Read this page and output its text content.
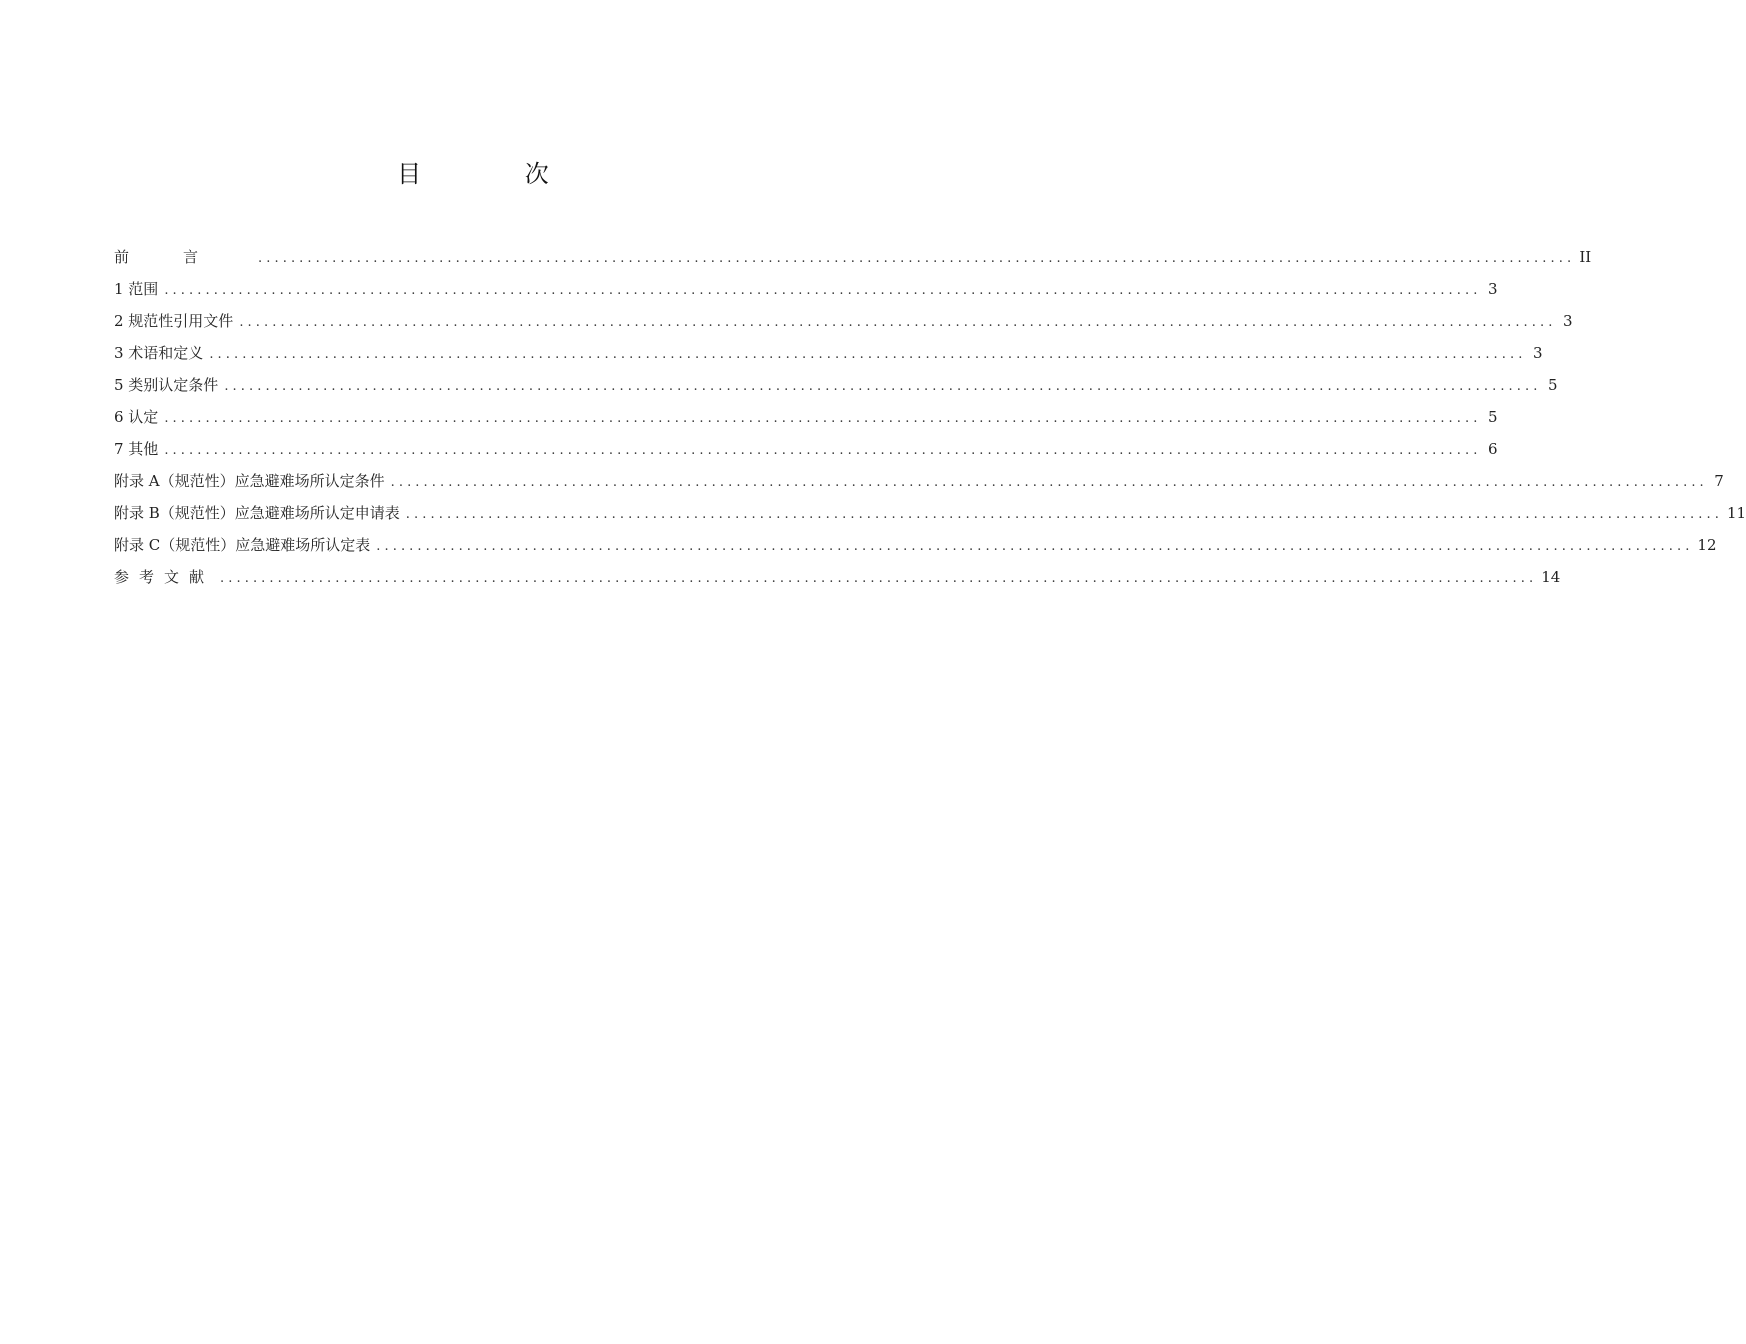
目 次
前言 ................................................................................................................................................................ II
1 范围 ................................................................................................................................................................ 3
2 规范性引用文件 ................................................................................................................................................................ 3
3 术语和定义 ................................................................................................................................................................ 3
5 类别认定条件 ................................................................................................................................................................ 5
6 认定 ................................................................................................................................................................ 5
7 其他 ................................................................................................................................................................ 6
附录 A（规范性）应急避难场所认定条件 ................................................................................................................................................................ 7
附录 B（规范性）应急避难场所认定申请表 ................................................................................................................................................................ 11
附录 C（规范性）应急避难场所认定表 ................................................................................................................................................................ 12
参考文献 ................................................................................................................................................................ 14
